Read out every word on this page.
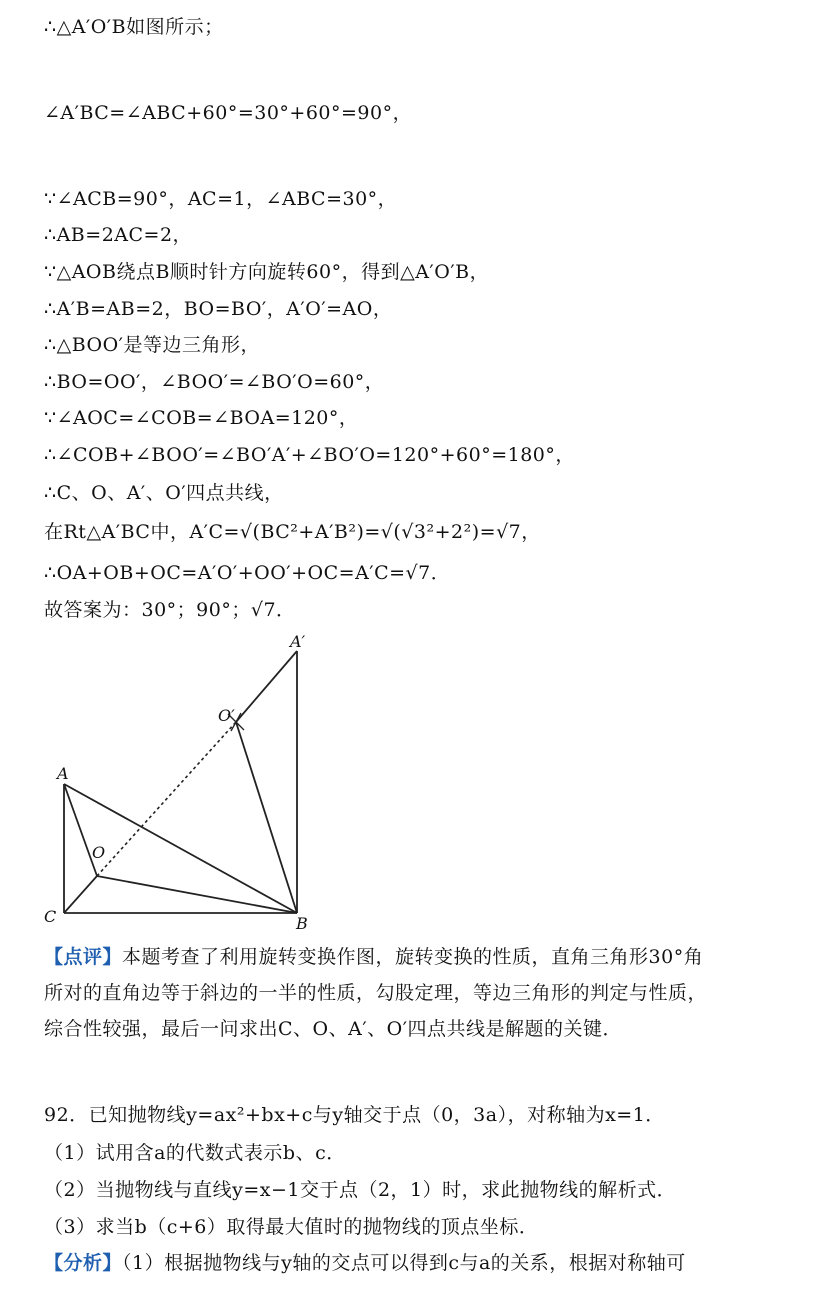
∴△A′O′B如图所示；
∠A′BC=∠ABC+60°=30°+60°=90°，
∵∠ACB=90°，AC=1，∠ABC=30°，
∴AB=2AC=2，
∵△AOB绕点B顺时针方向旋转60°，得到△A′O′B，
∴A′B=AB=2，BO=BO′，A′O′=AO，
∴△BOO′是等边三角形，
∴BO=OO′，∠BOO′=∠BO′O=60°，
∵∠AOC=∠COB=∠BOA=120°，
∴∠COB+∠BOO′=∠BO′A′+∠BO′O=120°+60°=180°，
∴C、O、A′、O′四点共线，
在Rt△A′BC中，A′C=√(BC²+A′B²)=√(√3²+2²)=√7，
∴OA+OB+OC=A′O′+OO′+OC=A′C=√7．
故答案为：30°；90°；√7．
A
A′
O
O′
B
C
【点评】本题考查了利用旋转变换作图，旋转变换的性质，直角三角形30°角
所对的直角边等于斜边的一半的性质，勾股定理，等边三角形的判定与性质，
综合性较强，最后一问求出C、O、A′、O′四点共线是解题的关键．
92．已知抛物线y=ax²+bx+c与y轴交于点（0，3a），对称轴为x=1．
（1）试用含a的代数式表示b、c．
（2）当抛物线与直线y=x−1交于点（2，1）时，求此抛物线的解析式．
（3）求当b（c+6）取得最大值时的抛物线的顶点坐标．
【分析】（1）根据抛物线与y轴的交点可以得到c与a的关系，根据对称轴可
